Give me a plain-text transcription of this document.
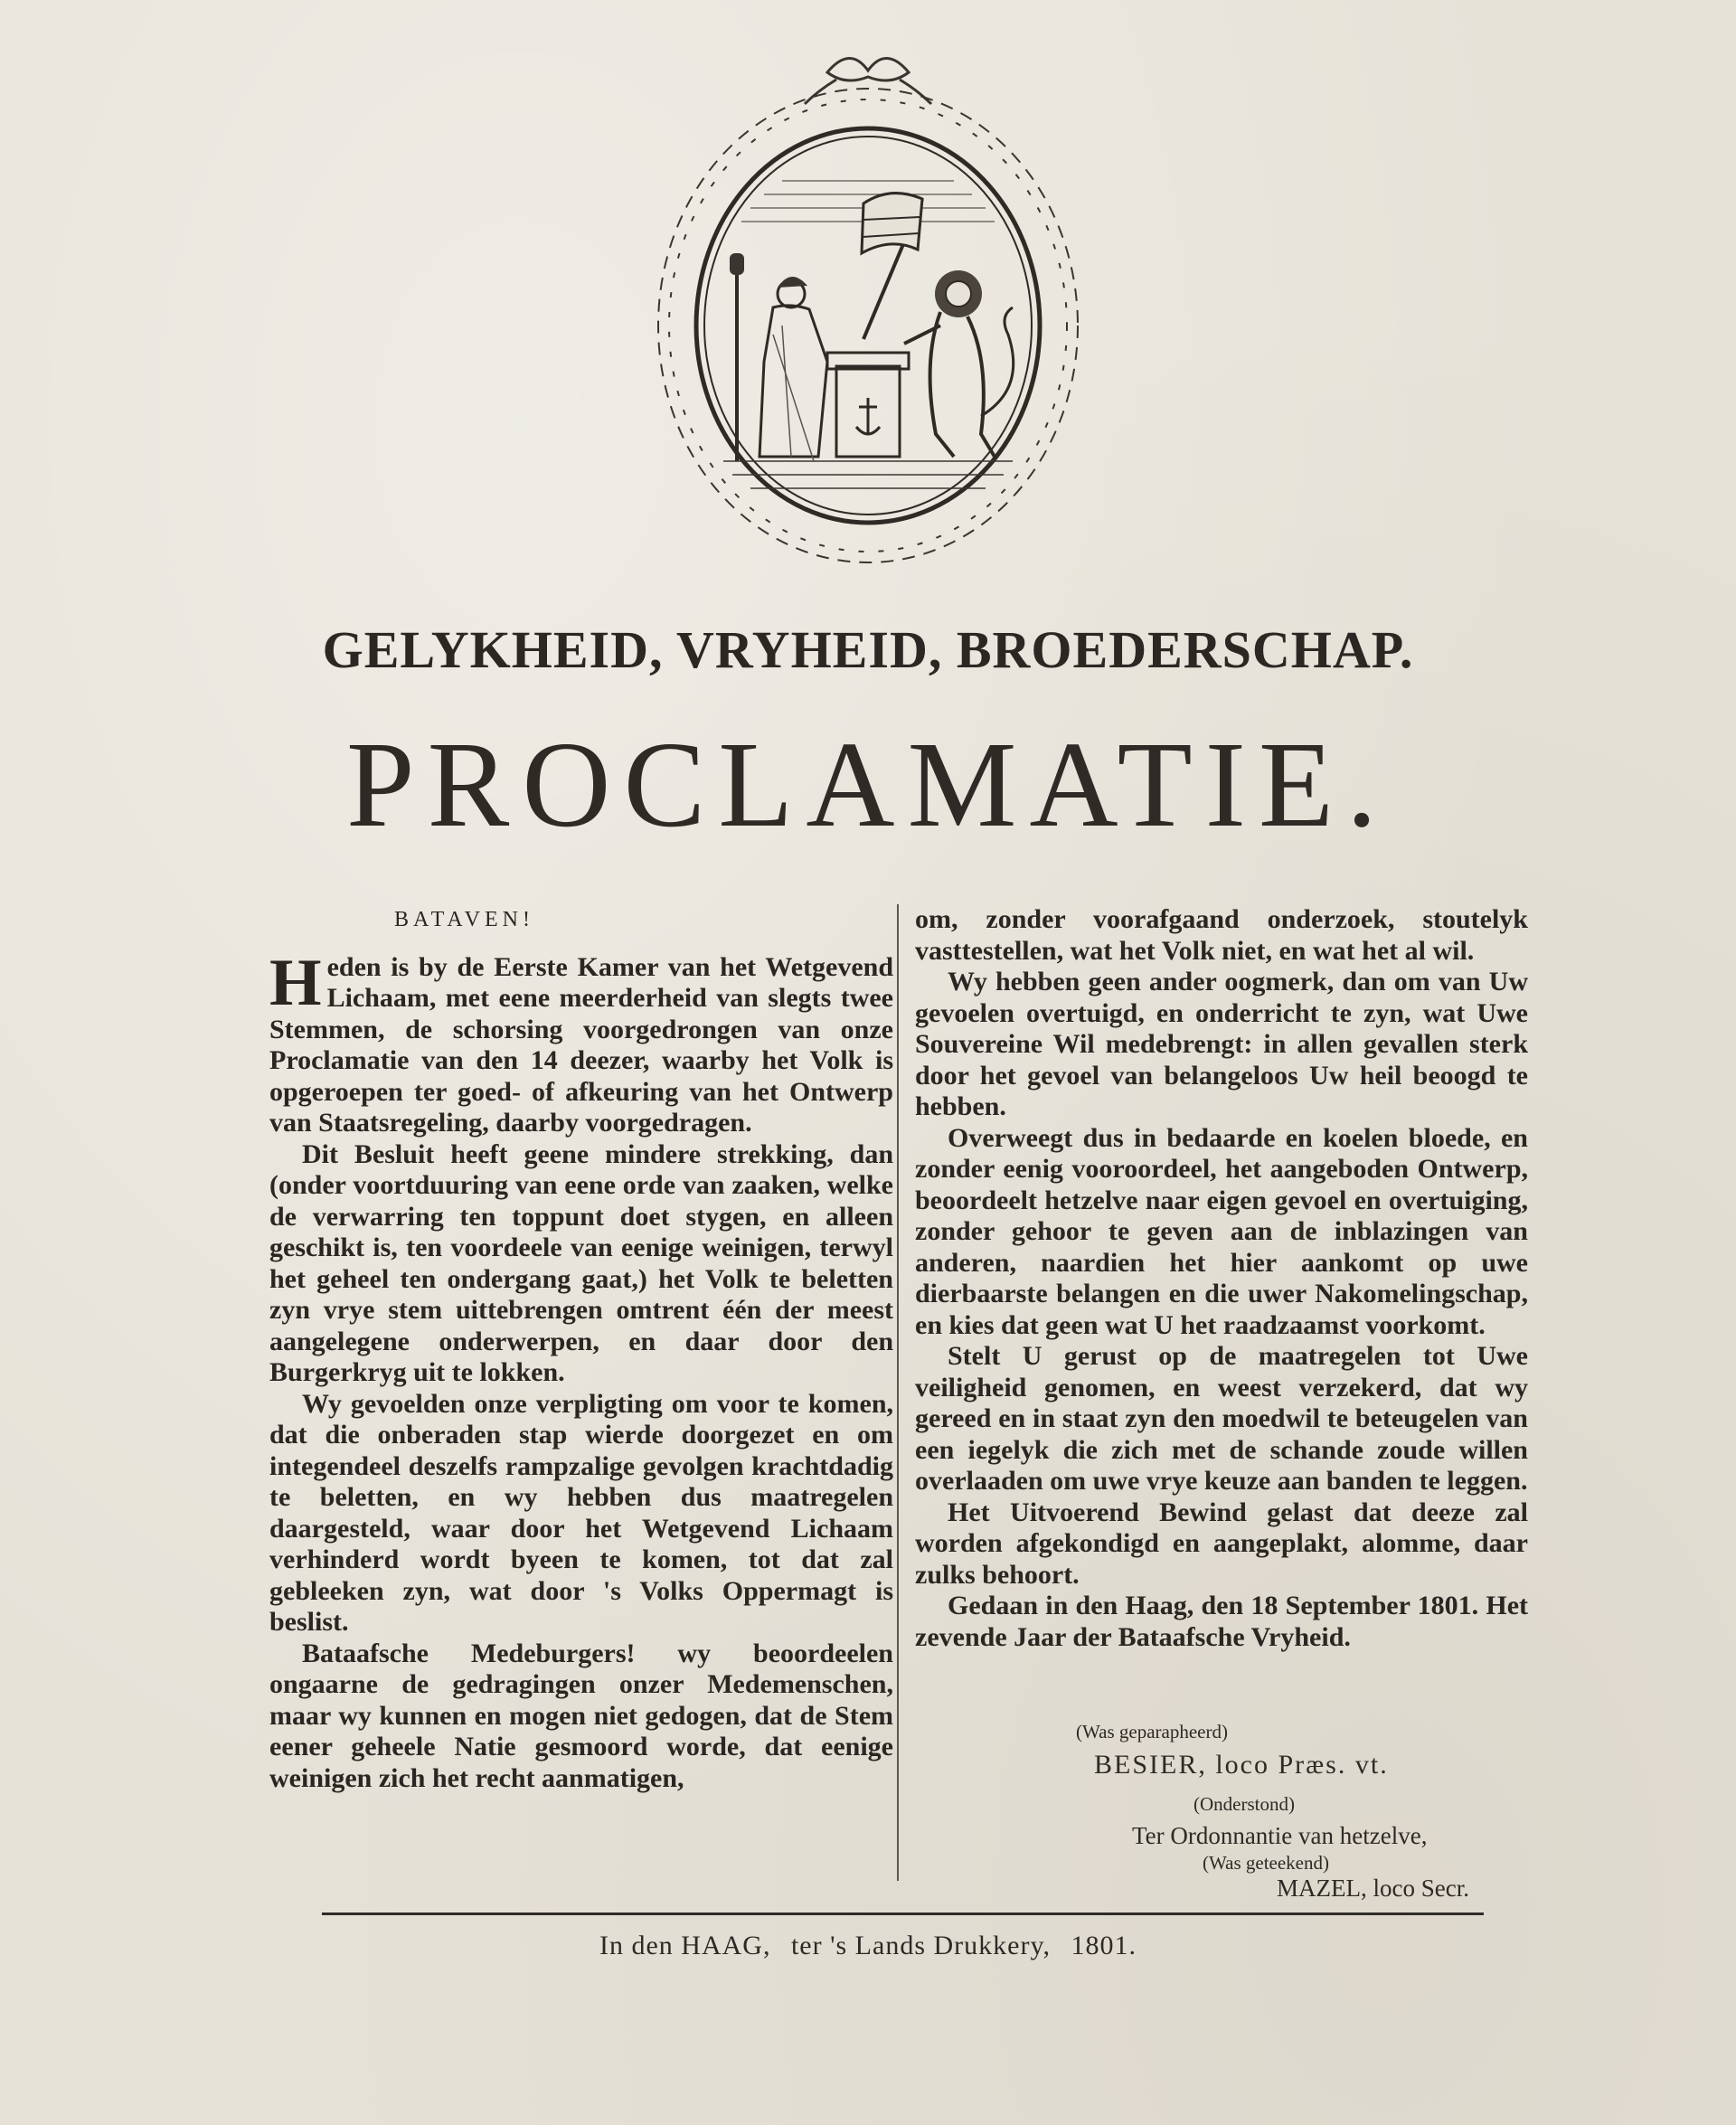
GELYKHEID, VRYHEID, BROEDERSCHAP.
PROCLAMATIE.

BATAVEN!

Heden is by de Eerste Kamer van het Wetgevend Lichaam, met eene meerderheid van slegts twee Stemmen, de schorsing voorgedrongen van onze Proclamatie van den 14 deezer, waarby het Volk is opgeroepen ter goed- of afkeuring van het Ontwerp van Staatsregeling, daarby voorgedragen.

Dit Besluit heeft geene mindere strekking, dan (onder voortduuring van eene orde van zaaken, welke de verwarring ten toppunt doet stygen, en alleen geschikt is, ten voordeele van eenige weinigen, terwyl het geheel ten ondergang gaat,) het Volk te beletten zyn vrye stem uittebrengen omtrent één der meest aangelegene onderwerpen, en daar door den Burgerkryg uit te lokken.

Wy gevoelden onze verpligting om voor te komen, dat die onberaden stap wierde doorgezet en om integendeel deszelfs rampzalige gevolgen krachtdadig te beletten, en wy hebben dus maatregelen daargesteld, waar door het Wetgevend Lichaam verhinderd wordt byeen te komen, tot dat zal gebleeken zyn, wat door 's Volks Oppermagt is beslist.

Bataafsche Medeburgers! wy beoordeelen ongaarne de gedragingen onzer Medemenschen, maar wy kunnen en mogen niet gedogen, dat de Stem eener geheele Natie gesmoord worde, dat eenige weinigen zich het recht aanmatigen,

om, zonder voorafgaand onderzoek, stoutelyk vasttestellen, wat het Volk niet, en wat het al wil.

Wy hebben geen ander oogmerk, dan om van Uw gevoelen overtuigd, en onderricht te zyn, wat Uwe Souvereine Wil medebrengt: in allen gevallen sterk door het gevoel van belangeloos Uw heil beoogd te hebben.

Overweegt dus in bedaarde en koelen bloede, en zonder eenig vooroordeel, het aangeboden Ontwerp, beoordeelt hetzelve naar eigen gevoel en overtuiging, zonder gehoor te geven aan de inblazingen van anderen, naardien het hier aankomt op uwe dierbaarste belangen en die uwer Nakomelingschap, en kies dat geen wat U het raadzaamst voorkomt.

Stelt U gerust op de maatregelen tot Uwe veiligheid genomen, en weest verzekerd, dat wy gereed en in staat zyn den moedwil te beteugelen van een iegelyk die zich met de schande zoude willen overlaaden om uwe vrye keuze aan banden te leggen.

Het Uitvoerend Bewind gelast dat deeze zal worden afgekondigd en aangeplakt, alomme, daar zulks behoort.

Gedaan in den Haag, den 18 September 1801. Het zevende Jaar der Bataafsche Vryheid.

(Was geparapheerd)
BESIER, loco Præs. vt.
(Onderstond)
Ter Ordonnantie van hetzelve,
(Was geteekend)
MAZEL, loco Secr.
In den HAAG, ter 's Lands Drukkery, 1801.
